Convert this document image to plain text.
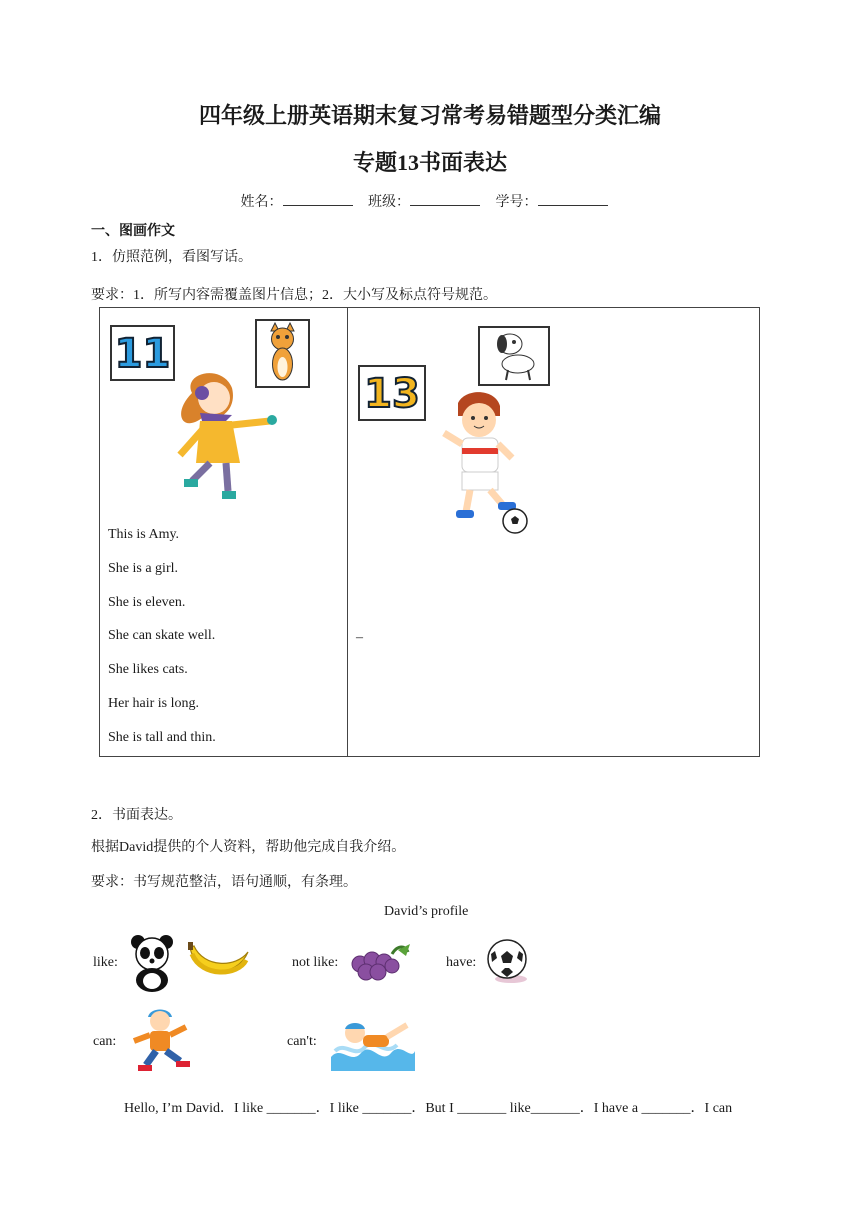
四年级上册英语期末复习常考易错题型分类汇编
专题13书面表达
姓名：	班级：	学号：
一、图画作文
1．仿照范例，看图写话。
要求：1．所写内容需覆盖图片信息；2．大小写及标点符号规范。
11
This is Amy.
She is a girl.
She is eleven.
She can skate well.
She likes cats.
Her hair is long.
She is tall and thin.
13
–
2．书面表达。
根据David提供的个人资料，帮助他完成自我介绍。
要求：书写规范整洁，语句通顺，有条理。
David’s profile
like:	not like:	have:
can:	can't:
Hello, I’m David．I like _______．I like _______．But I _______ like_______．I have a _______．I can
